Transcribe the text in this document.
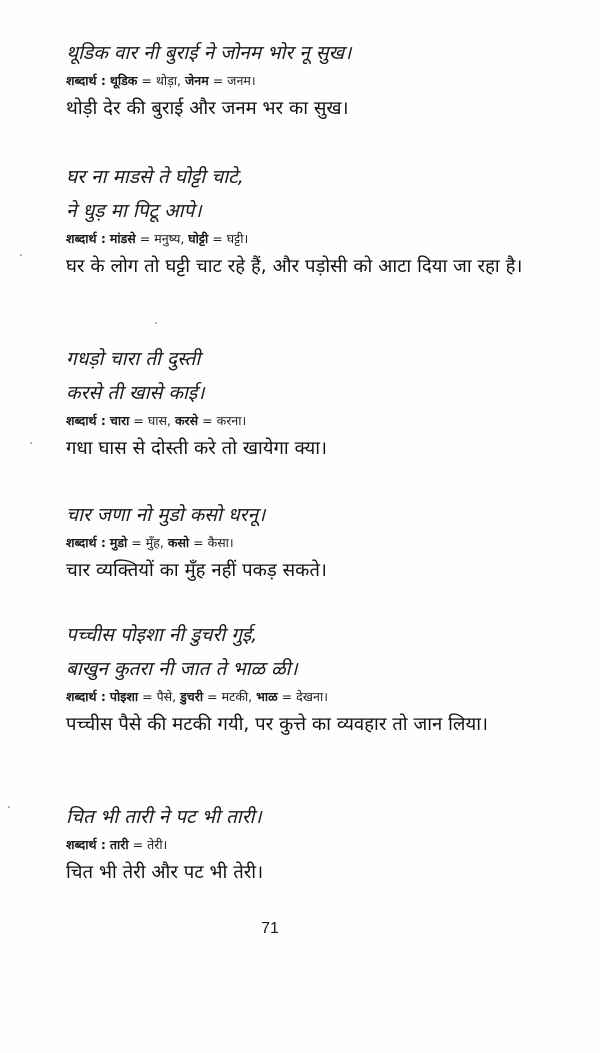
थूडिक वार नी बुराई ने जोनम भोर नू सुख।

शब्दार्थ : थूडिक = थोड़ा, जेनम = जनम।

थोड़ी देर की बुराई और जनम भर का सुख।

घर ना माडसे ते घोट्टी चाटे,

ने धुड़ मा पिटू आपे।

शब्दार्थ : मांडसे = मनुष्य, घोट्टी = घट्टी।

घर के लोग तो घट्टी चाट रहे हैं, और पड़ोसी को आटा दिया जा रहा है।

गधड़ो चारा ती दुस्ती

करसे ती खासे काई।

शब्दार्थ : चारा = घास, करसे = करना।

गधा घास से दोस्ती करे तो खायेगा क्या।

चार जणा नो मुडो कसो धरनू।

शब्दार्थ : मुडो = मुँह, कसो = कैसा।

चार व्यक्तियों का मुँह नहीं पकड़ सकते।

पच्चीस पोइशा नी डुचरी गुई,

बाखुन कुतरा नी जात ते भाळ ळी।

शब्दार्थ : पोइशा = पैसे, डुचरी = मटकी, भाळ = देखना।

पच्चीस पैसे की मटकी गयी, पर कुत्ते का व्यवहार तो जान लिया।

चित भी तारी ने पट भी तारी।

शब्दार्थ : तारी = तेरी।

चित भी तेरी और पट भी तेरी।

71
